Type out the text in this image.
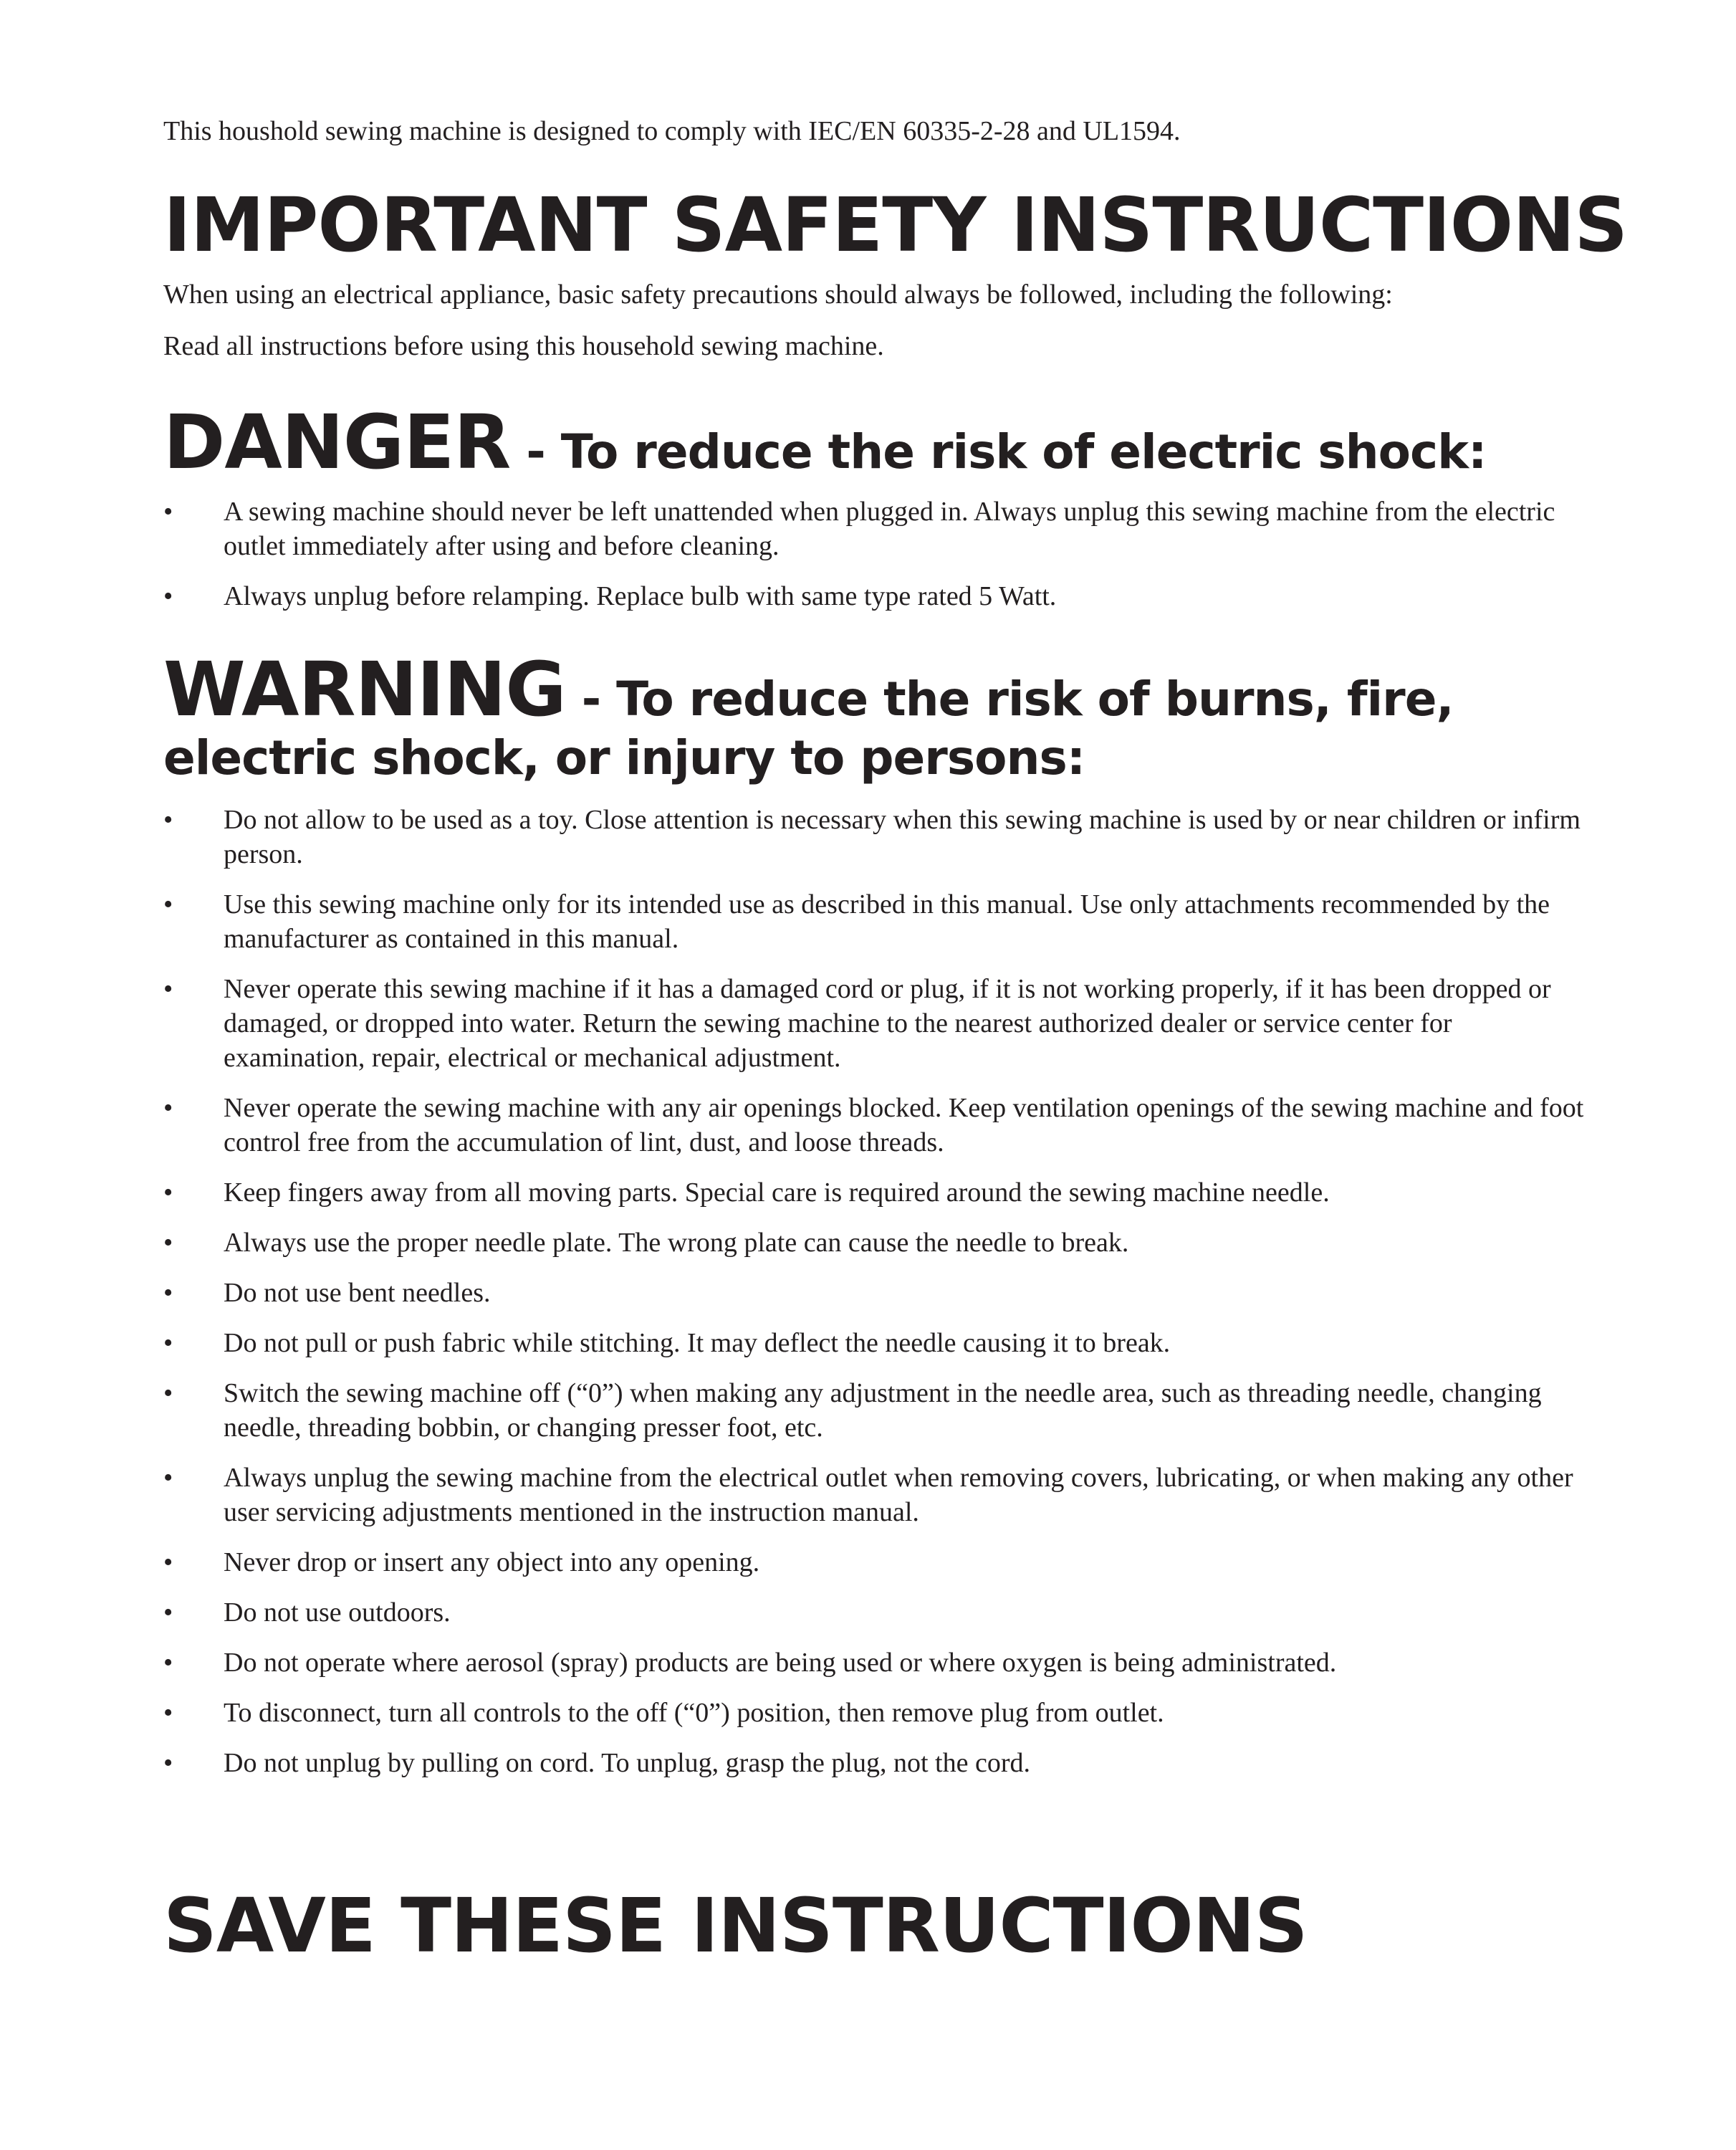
This houshold sewing machine is designed to comply with IEC/EN 60335-2-28 and UL1594.
IMPORTANT SAFETY INSTRUCTIONS
When using an electrical appliance, basic safety precautions should always be followed, including the following:
Read all instructions before using this household sewing machine.
DANGER - To reduce the risk of electric shock:
• A sewing machine should never be left unattended when plugged in. Always unplug this sewing machine from the electric outlet immediately after using and before cleaning.
• Always unplug before relamping. Replace bulb with same type rated 5 Watt.
WARNING - To reduce the risk of burns, fire,
electric shock, or injury to persons:
• Do not allow to be used as a toy. Close attention is necessary when this sewing machine is used by or near children or infirm person.
• Use this sewing machine only for its intended use as described in this manual. Use only attachments recommended by the manufacturer as contained in this manual.
• Never operate this sewing machine if it has a damaged cord or plug, if it is not working properly, if it has been dropped or damaged, or dropped into water. Return the sewing machine to the nearest authorized dealer or service center for examination, repair, electrical or mechanical adjustment.
• Never operate the sewing machine with any air openings blocked. Keep ventilation openings of the sewing machine and foot control free from the accumulation of lint, dust, and loose threads.
• Keep fingers away from all moving parts. Special care is required around the sewing machine needle.
• Always use the proper needle plate. The wrong plate can cause the needle to break.
• Do not use bent needles.
• Do not pull or push fabric while stitching. It may deflect the needle causing it to break.
• Switch the sewing machine off (“0”) when making any adjustment in the needle area, such as threading needle, changing needle, threading bobbin, or changing presser foot, etc.
• Always unplug the sewing machine from the electrical outlet when removing covers, lubricating, or when making any other user servicing adjustments mentioned in the instruction manual.
• Never drop or insert any object into any opening.
• Do not use outdoors.
• Do not operate where aerosol (spray) products are being used or where oxygen is being administrated.
• To disconnect, turn all controls to the off (“0”) position, then remove plug from outlet.
• Do not unplug by pulling on cord. To unplug, grasp the plug, not the cord.
SAVE THESE INSTRUCTIONS
